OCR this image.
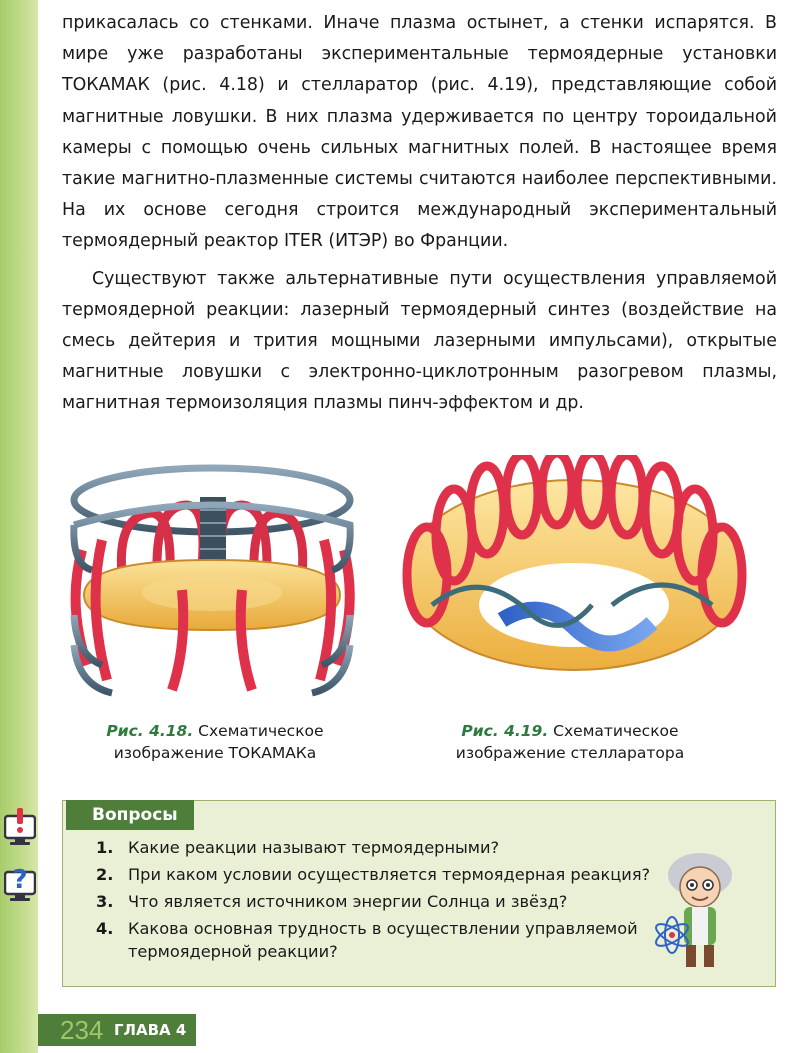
прикасалась со стенками. Иначе плазма остынет, а стенки испарятся. В мире уже разработаны экспериментальные термоядерные установки ТОКАМАК (рис. 4.18) и стелларатор (рис. 4.19), представляющие собой магнитные ловушки. В них плазма удерживается по центру тороидальной камеры с помощью очень сильных магнитных полей. В настоящее время такие магнитно-плазменные системы считаются наиболее перспективными. На их основе сегодня строится международный экспериментальный термоядерный реактор ITER (ИТЭР) во Франции.

Существуют также альтернативные пути осуществления управляемой термоядерной реакции: лазерный термоядерный синтез (воздействие на смесь дейтерия и трития мощными лазерными импульсами), открытые магнитные ловушки с электронно-циклотронным разогревом плазмы, магнитная термоизоляция плазмы пинч-эффектом и др.

Рис. 4.18. Схематическое
изображение ТОКАМАКа
Рис. 4.19. Схематическое
изображение стелларатора
?
Вопросы
1. Какие реакции называют термоядерными?
2. При каком условии осуществляется термоядерная реакция?
3. Что является источником энергии Солнца и звёзд?
4. Какова основная трудность в осуществлении управляемой термоядерной реакции?
234 ГЛАВА 4
